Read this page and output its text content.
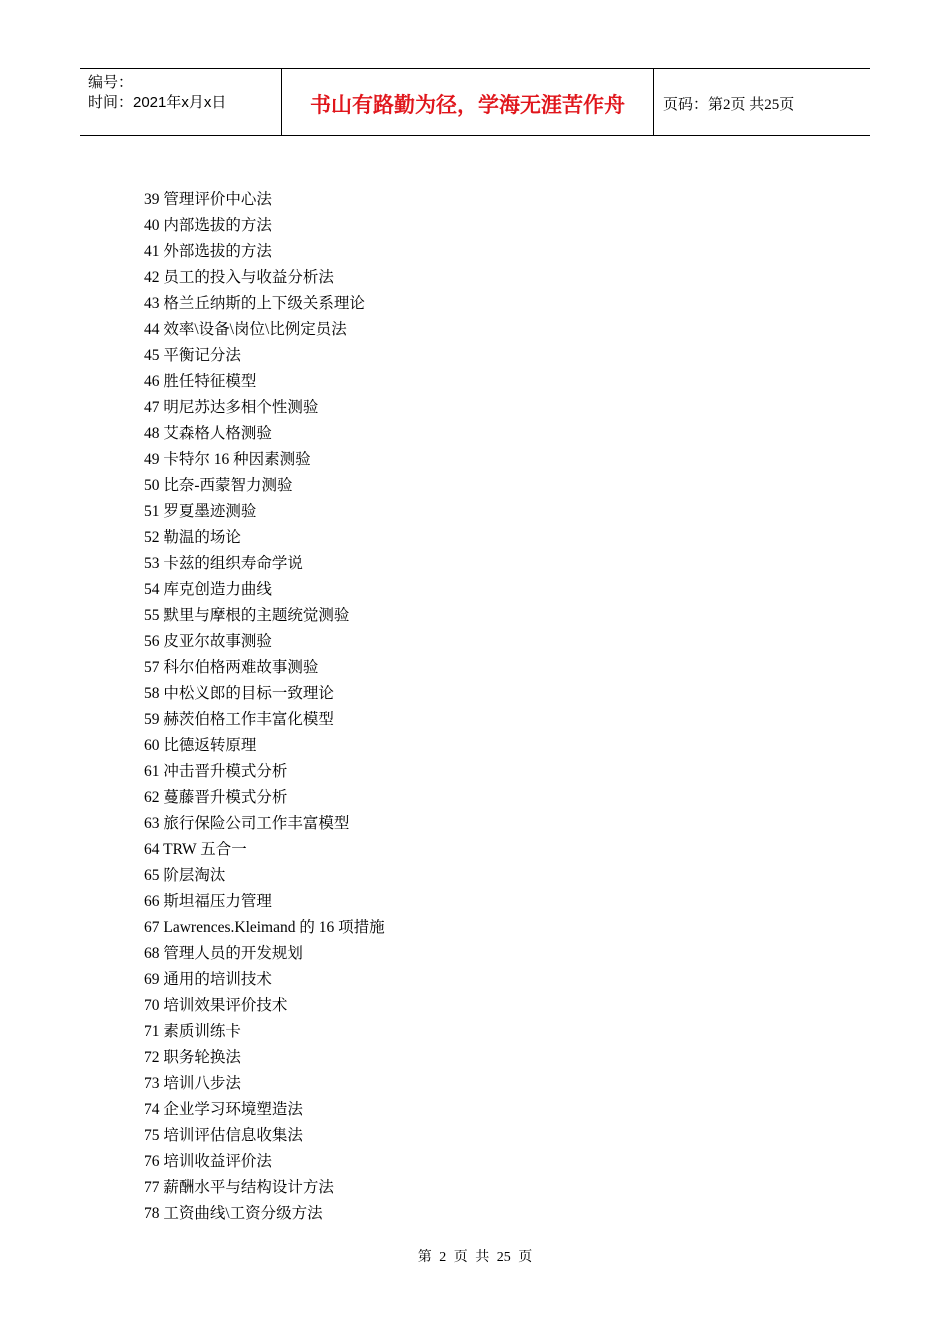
编号：
时间：2021年x月x日	书山有路勤为径，学海无涯苦作舟	页码：第2页 共25页
39 管理评价中心法
40 内部选拔的方法
41 外部选拔的方法
42 员工的投入与收益分析法
43 格兰丘纳斯的上下级关系理论
44 效率\设备\岗位\比例定员法
45 平衡记分法
46 胜任特征模型
47 明尼苏达多相个性测验
48 艾森格人格测验
49 卡特尔 16 种因素测验
50 比奈-西蒙智力测验
51 罗夏墨迹测验
52 勒温的场论
53 卡兹的组织寿命学说
54 库克创造力曲线
55 默里与摩根的主题统觉测验
56 皮亚尔故事测验
57 科尔伯格两难故事测验
58 中松义郎的目标一致理论
59 赫茨伯格工作丰富化模型
60 比德返转原理
61 冲击晋升模式分析
62 蔓藤晋升模式分析
63 旅行保险公司工作丰富模型
64 TRW 五合一
65 阶层淘汰
66 斯坦福压力管理
67 Lawrences.Kleimand 的 16 项措施
68 管理人员的开发规划
69 通用的培训技术
70 培训效果评价技术
71 素质训练卡
72 职务轮换法
73 培训八步法
74 企业学习环境塑造法
75 培训评估信息收集法
76 培训收益评价法
77 薪酬水平与结构设计方法
78 工资曲线\工资分级方法
第 2 页 共 25 页
